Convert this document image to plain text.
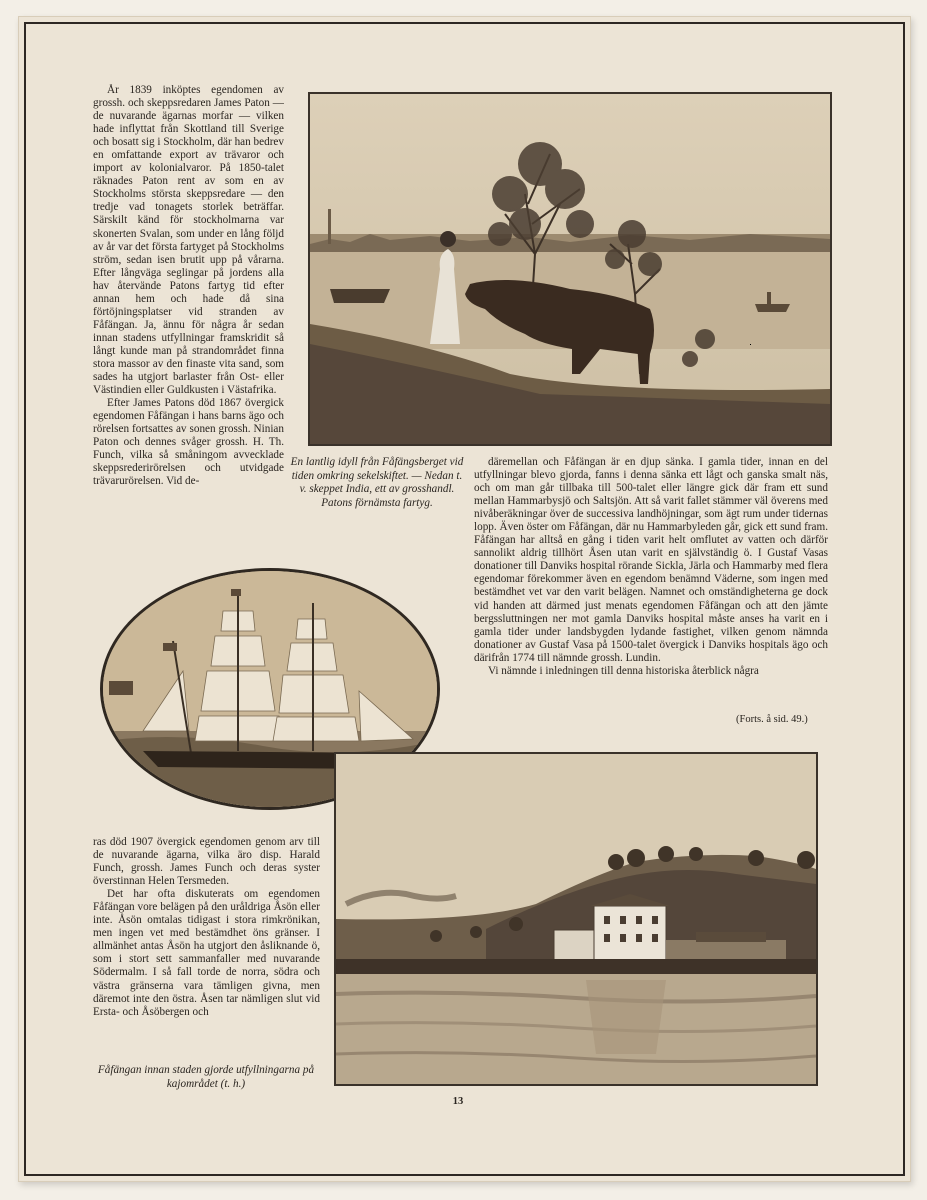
År 1839 inköptes egendomen av grossh. och skeppsredaren James Paton — de nuvarande ägarnas morfar — vilken hade inflyttat från Skottland till Sverige och bosatt sig i Stockholm, där han bedrev en omfattande export av trävaror och import av kolonialvaror. På 1850-talet räknades Paton rent av som en av Stockholms största skeppsredare — den tredje vad tonagets storlek beträffar. Särskilt känd för stockholmarna var skonerten Svalan, som under en lång följd av år var det första fartyget på Stockholms ström, sedan isen brutit upp på vårarna. Efter långväga seglingar på jordens alla hav återvände Patons fartyg tid efter annan hem och hade då sina förtöjningsplatser vid stranden av Fåfängan. Ja, ännu för några år sedan innan stadens utfyllningar framskridit så långt kunde man på strandområdet finna stora massor av den finaste vita sand, som sades ha utgjort barlaster från Ost- eller Västindien eller Guldkusten i Västafrika.

Efter James Patons död 1867 övergick egendomen Fåfängan i hans barns ägo och rörelsen fortsattes av sonen grossh. Ninian Paton och dennes svåger grossh. H. Th. Funch, vilka så småningom avvecklade skeppsrederirörelsen och utvidgade trävarurörelsen. Vid de-

En lantlig idyll från Fåfängsberget vid tiden omkring sekelskiftet. — Nedan t. v. skeppet India, ett av grosshandl. Patons förnämsta fartyg.

däremellan och Fåfängan är en djup sänka. I gamla tider, innan en del utfyllningar blevo gjorda, fanns i denna sänka ett lågt och ganska smalt näs, och om man går tillbaka till 500-talet eller längre gick där fram ett sund mellan Hammarbysjö och Saltsjön. Att så varit fallet stämmer väl överens med nivåberäkningar över de successiva landhöjningar, som ägt rum under tidernas lopp. Även öster om Fåfängan, där nu Hammarbyleden går, gick ett sund fram. Fåfängan har alltså en gång i tiden varit helt omflutet av vatten och därför sannolikt aldrig tillhört Åsen utan varit en självständig ö. I Gustaf Vasas donationer till Danviks hospital rörande Sickla, Järla och Hammarby med flera egendomar förekommer även en egendom benämnd Väderne, som ingen med bestämdhet vet var den varit belägen. Namnet och omständigheterna ge dock vid handen att därmed just menats egendomen Fåfängan och att den jämte bergssluttningen ner mot gamla Danviks hospital måste anses ha varit en i gamla tider under landsbygden lydande fastighet, vilken genom nämnda donationer av Gustaf Vasa på 1500-talet övergick i Danviks hospitals ägo och därifrån 1774 till nämnde grossh. Lundin.

Vi nämnde i inledningen till denna historiska återblick några

(Forts. å sid. 49.)

ras död 1907 övergick egendomen genom arv till de nuvarande ägarna, vilka äro disp. Harald Funch, grossh. James Funch och deras syster överstinnan Helen Tersmeden.

Det har ofta diskuterats om egendomen Fåfängan vore belägen på den uråldriga Åsön eller inte. Åsön omtalas tidigast i stora rimkrönikan, men ingen vet med bestämdhet öns gränser. I allmänhet antas Åsön ha utgjort den åsliknande ö, som i stort sett sammanfaller med nuvarande Södermalm. I så fall torde de norra, södra och västra gränserna vara tämligen givna, men däremot inte den östra. Åsen tar nämligen slut vid Ersta- och Åsöbergen och

Fåfängan innan staden gjorde utfyllningarna på kajområdet (t. h.)
13
